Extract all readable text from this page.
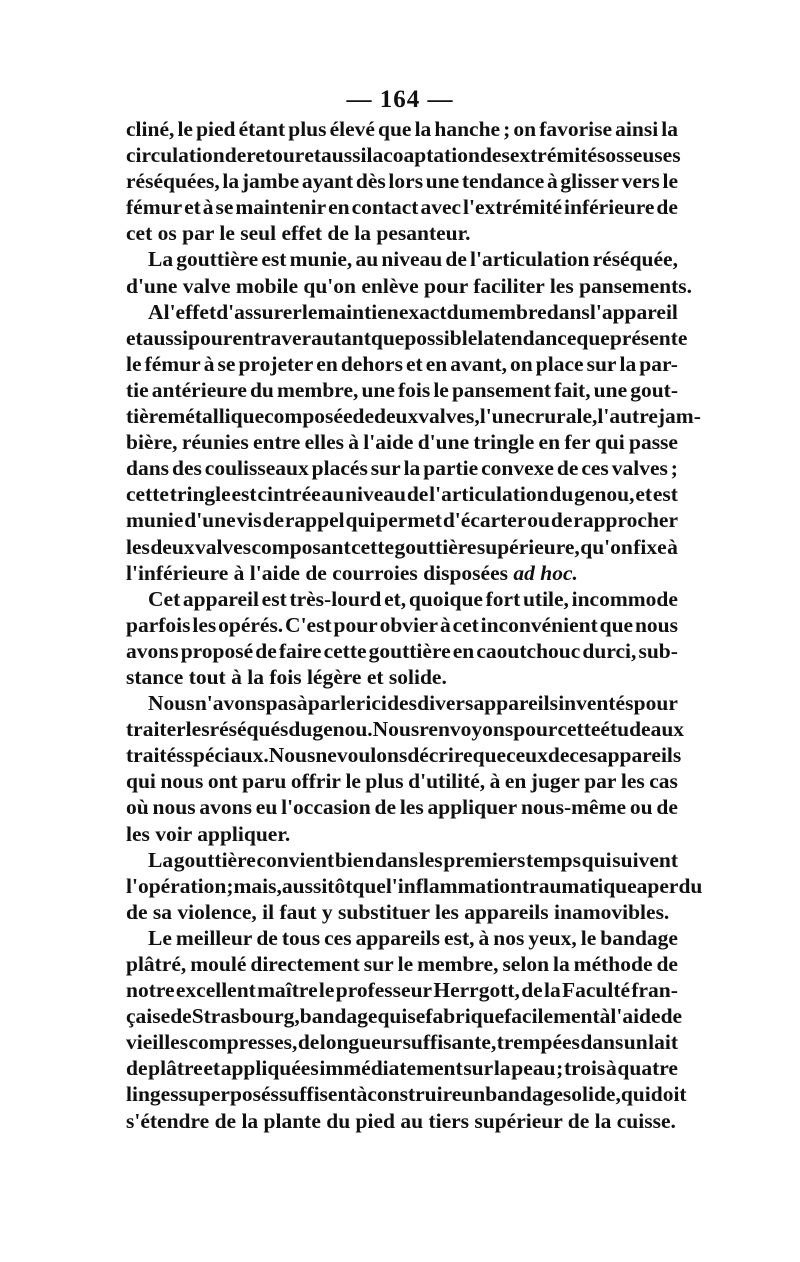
— 164 —
cliné, le pied étant plus élevé que la hanche ; on favorise ainsi la
circulation de retour et aussi la coaptation des extrémités osseuses
réséquées, la jambe ayant dès lors une tendance à glisser vers le
fémur et à se maintenir en contact avec l'extrémité inférieure de
cet os par le seul effet de la pesanteur.
La gouttière est munie, au niveau de l'articulation réséquée,
d'une valve mobile qu'on enlève pour faciliter les pansements.
A l'effet d'assurer le maintien exact du membre dans l'appareil
et aussi pour entraver autant que possible la tendance que présente
le fémur à se projeter en dehors et en avant, on place sur la par-
tie antérieure du membre, une fois le pansement fait, une gout-
tière métallique composée de deux valves, l'une crurale, l'autre jam-
bière, réunies entre elles à l'aide d'une tringle en fer qui passe
dans des coulisseaux placés sur la partie convexe de ces valves ;
cette tringle est cintrée au niveau de l'articulation du genou, et est
munie d'une vis de rappel qui permet d'écarter ou de rapprocher
les deux valves composant cette gouttière supérieure, qu'on fixe à
l'inférieure à l'aide de courroies disposées ad hoc.
Cet appareil est très-lourd et, quoique fort utile, incommode
parfois les opérés. C'est pour obvier à cet inconvénient que nous
avons proposé de faire cette gouttière en caoutchouc durci, sub-
stance tout à la fois légère et solide.
Nous n'avons pas à parler ici des divers appareils inventés pour
traiter les réséqués du genou. Nous renvoyons pour cette étude aux
traités spéciaux. Nous ne voulons décrire que ceux de ces appareils
qui nous ont paru offrir le plus d'utilité, à en juger par les cas
où nous avons eu l'occasion de les appliquer nous-même ou de
les voir appliquer.
La gouttière convient bien dans les premiers temps qui suivent
l'opération; mais, aussitôt que l'inflammation traumatique a perdu
de sa violence, il faut y substituer les appareils inamovibles.
Le meilleur de tous ces appareils est, à nos yeux, le bandage
plâtré, moulé directement sur le membre, selon la méthode de
notre excellent maître le professeur Herrgott, de la Faculté fran-
çaise de Strasbourg, bandage qui se fabrique facilement à l'aide de
vieilles compresses, de longueur suffisante, trempées dans un lait
de plâtre et appliquées immédiatement sur la peau ; trois à quatre
linges superposés suffisent à construire un bandage solide, qui doit
s'étendre de la plante du pied au tiers supérieur de la cuisse.
